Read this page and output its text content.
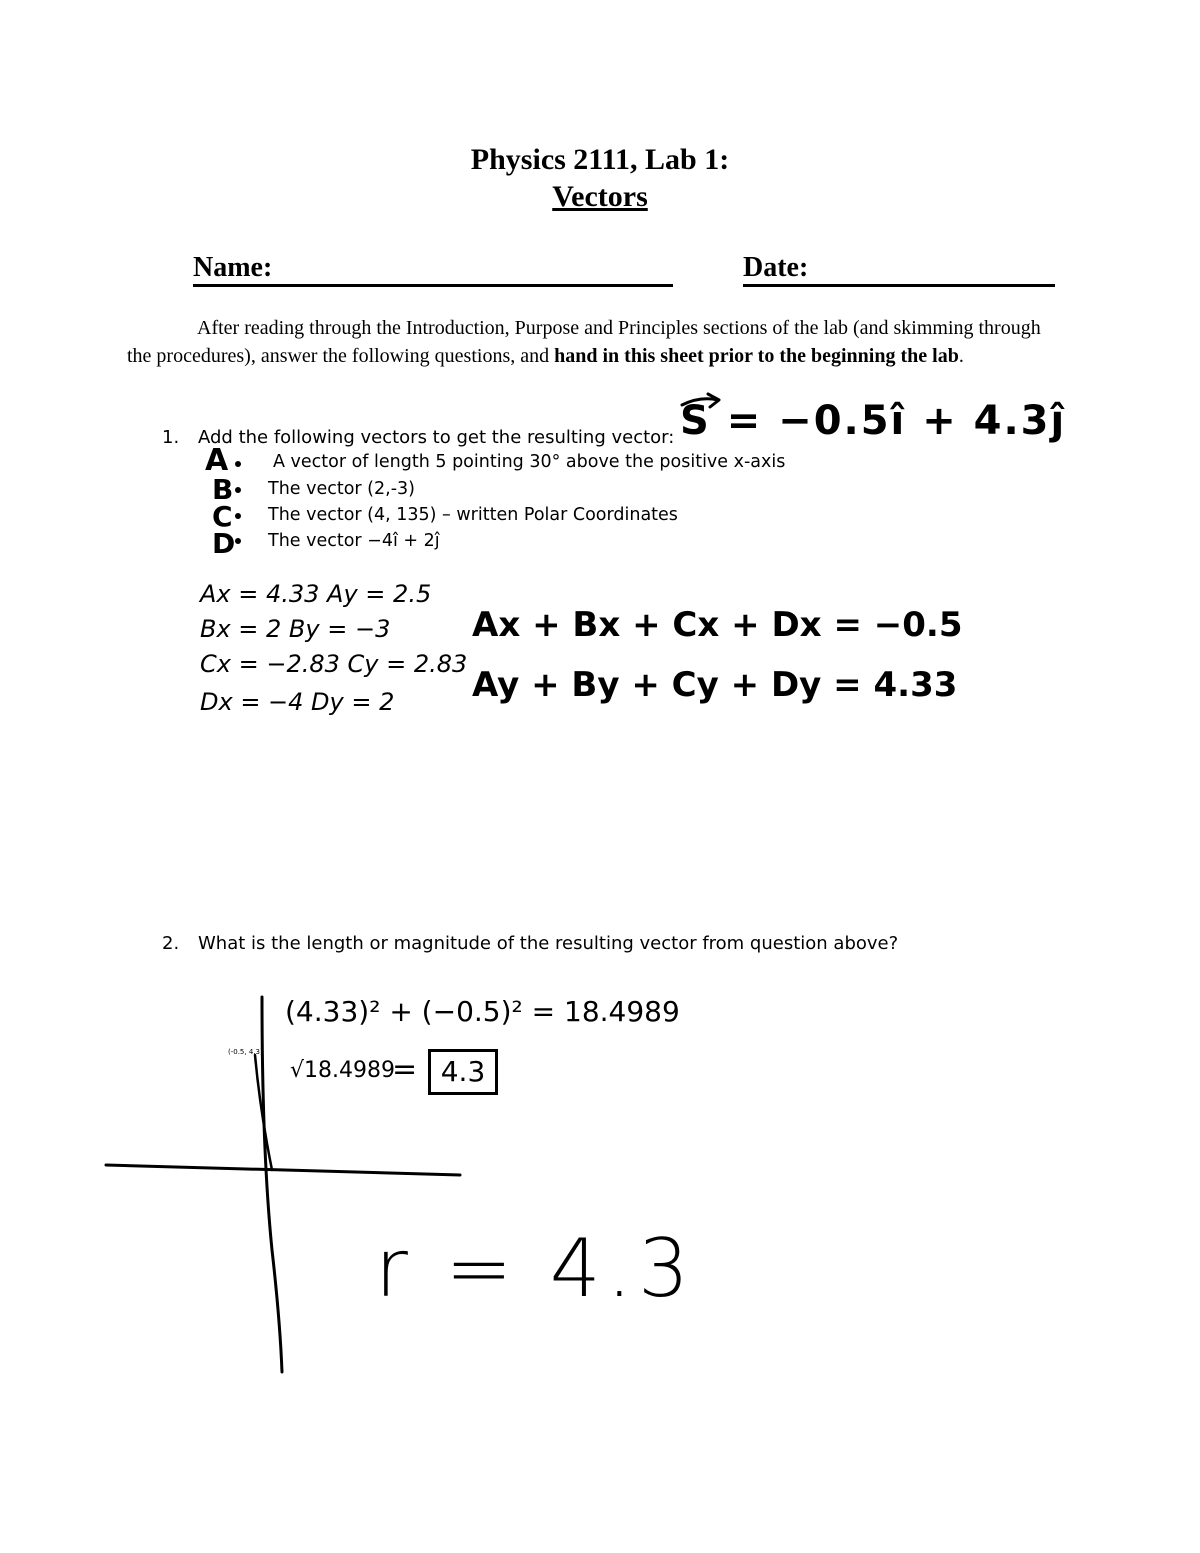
Physics 2111, Lab 1:
Vectors
Name:	Date:
After reading through the Introduction, Purpose and Principles sections of the lab (and skimming through the procedures), answer the following questions, and hand in this sheet prior to the beginning the lab.
1. Add the following vectors to get the resulting vector: S = −0.5î + 4.3ĵ
A	A vector of length 5 pointing 30° above the positive x-axis
B The vector (2,-3)
C The vector (4, 135) – written Polar Coordinates
D The vector −4î + 2ĵ
Ax = 4.33 Ay = 2.5
Bx = 2 By = −3
Cx = −2.83 Cy = 2.83
Dx = −4 Dy = 2
Ax + Bx + Cx + Dx = −0.5
Ay + By + Cy + Dy = 4.33
2. What is the length or magnitude of the resulting vector from question above?
(4.33)² + (−0.5)² = 18.4989
√18.4989
= 4.3
(-0.5, 4.3)
r = 4.3
